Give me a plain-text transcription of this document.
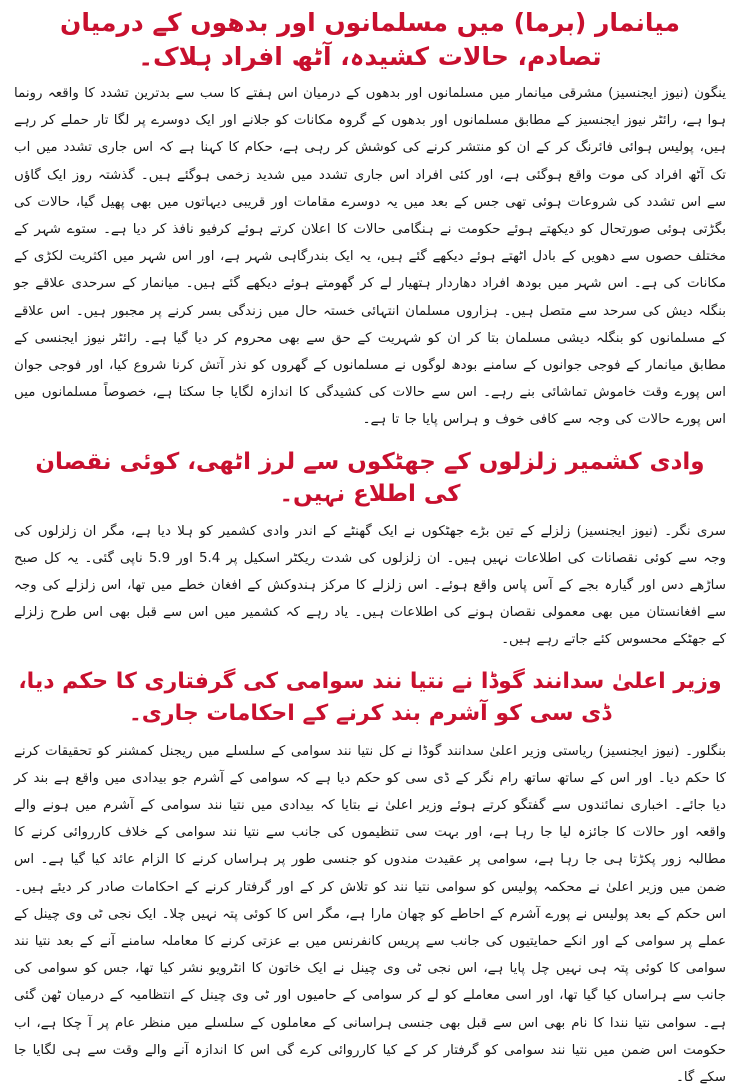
میانمار (برما) میں مسلمانوں اور بدھوں کے درمیان تصادم، حالات کشیدہ، آٹھ افراد ہلاک۔

ینگون (نیوز ایجنسیز) مشرقی میانمار میں مسلمانوں اور بدھوں کے درمیان اس ہفتے کا سب سے بدترین تشدد کا واقعہ رونما ہوا ہے، رائٹر نیوز ایجنسیز کے مطابق مسلمانوں اور بدھوں کے گروہ مکانات کو جلانے اور ایک دوسرے پر لگا تار حملے کر رہے ہیں، پولیس ہوائی فائرنگ کر کے ان کو منتشر کرنے کی کوشش کر رہی ہے، حکام کا کہنا ہے کہ اس جاری تشدد میں اب تک آٹھ افراد کی موت واقع ہوگئی ہے، اور کئی افراد اس جاری تشدد میں شدید زخمی ہوگئے ہیں۔ گذشتہ روز ایک گاؤں سے اس تشدد کی شروعات ہوئی تھی جس کے بعد میں یہ دوسرے مقامات اور قریبی دیہاتوں میں بھی پھیل گیا، حالات کی بگڑتی ہوئی صورتحال کو دیکھتے ہوئے حکومت نے ہنگامی حالات کا اعلان کرتے ہوئے کرفیو نافذ کر دیا ہے۔ ستوے شہر کے مختلف حصوں سے دھویں کے بادل اٹھتے ہوئے دیکھے گئے ہیں، یہ ایک بندرگاہی شہر ہے، اور اس شہر میں اکثریت لکڑی کے مکانات کی ہے۔ اس شہر میں بودھ افراد دھاردار ہتھیار لے کر گھومتے ہوئے دیکھے گئے ہیں۔ میانمار کے سرحدی علاقے جو بنگلہ دیش کی سرحد سے متصل ہیں۔ ہزاروں مسلمان انتہائی خستہ حال میں زندگی بسر کرنے پر مجبور ہیں۔ اس علاقے کے مسلمانوں کو بنگلہ دیشی مسلمان بتا کر ان کو شہریت کے حق سے بھی محروم کر دیا گیا ہے۔ رائٹر نیوز ایجنسی کے مطابق میانمار کے فوجی جوانوں کے سامنے بودھ لوگوں نے مسلمانوں کے گھروں کو نذر آتش کرنا شروع کیا، اور فوجی جوان اس پورے وقت خاموش تماشائی بنے رہے۔ اس سے حالات کی کشیدگی کا اندازہ لگایا جا سکتا ہے، خصوصاً مسلمانوں میں اس پورے حالات کی وجہ سے کافی خوف و ہراس پایا جا تا ہے۔

وادی کشمیر زلزلوں کے جھٹکوں سے لرز اٹھی، کوئی نقصان کی اطلاع نہیں۔

سری نگر۔ (نیوز ایجنسیز) زلزلے کے تین بڑے جھٹکوں نے ایک گھنٹے کے اندر وادی کشمیر کو ہلا دیا ہے، مگر ان زلزلوں کی وجہ سے کوئی نقصانات کی اطلاعات نہیں ہیں۔ ان زلزلوں کی شدت ریکٹر اسکیل پر 5.4 اور 5.9 ناپی گئی۔ یہ کل صبح ساڑھے دس اور گیارہ بجے کے آس پاس واقع ہوئے۔ اس زلزلے کا مرکز ہندوکش کے افغان خطے میں تھا، اس زلزلے کی وجہ سے افغانستان میں بھی معمولی نقصان ہونے کی اطلاعات ہیں۔ یاد رہے کہ کشمیر میں اس سے قبل بھی اس طرح زلزلے کے جھٹکے محسوس کئے جاتے رہے ہیں۔

وزیر اعلیٰ سدانند گوڈا نے نتیا نند سوامی کی گرفتاری کا حکم دیا، ڈی سی کو آشرم بند کرنے کے احکامات جاری۔

بنگلور۔ (نیوز ایجنسیز) ریاستی وزیر اعلیٰ سدانند گوڈا نے کل نتیا نند سوامی کے سلسلے میں ریجنل کمشنر کو تحقیقات کرنے کا حکم دیا۔ اور اس کے ساتھ ساتھ رام نگر کے ڈی سی کو حکم دیا ہے کہ سوامی کے آشرم جو بیدادی میں واقع ہے بند کر دیا جائے۔ اخباری نمائندوں سے گفتگو کرتے ہوئے وزیر اعلیٰ نے بتایا کہ بیدادی میں نتیا نند سوامی کے آشرم میں ہونے والے واقعہ اور حالات کا جائزہ لیا جا رہا ہے، اور بہت سی تنظیموں کی جانب سے نتیا نند سوامی کے خلاف کارروائی کرنے کا مطالبہ زور پکڑتا ہی جا رہا ہے، سوامی پر عقیدت مندوں کو جنسی طور پر ہراساں کرنے کا الزام عائد کیا گیا ہے۔ اس ضمن میں وزیر اعلیٰ نے محکمہ پولیس کو سوامی نتیا نند کو تلاش کر کے اور گرفتار کرنے کے احکامات صادر کر دیئے ہیں۔ اس حکم کے بعد پولیس نے پورے آشرم کے احاطے کو چھان مارا ہے، مگر اس کا کوئی پتہ نہیں چلا۔ ایک نجی ٹی وی چینل کے عملے پر سوامی کے اور انکے حمایتیوں کی جانب سے پریس کانفرنس میں بے عزتی کرنے کا معاملہ سامنے آنے کے بعد نتیا نند سوامی کا کوئی پتہ ہی نہیں چل پایا ہے، اس نجی ٹی وی چینل نے ایک خاتون کا انٹرویو نشر کیا تھا، جس کو سوامی کی جانب سے ہراساں کیا گیا تھا، اور اسی معاملے کو لے کر سوامی کے حامیوں اور ٹی وی چینل کے انتظامیہ کے درمیان ٹھن گئی ہے۔ سوامی نتیا نندا کا نام بھی اس سے قبل بھی جنسی ہراسانی کے معاملوں کے سلسلے میں منظر عام پر آ چکا ہے، اب حکومت اس ضمن میں نتیا نند سوامی کو گرفتار کر کے کیا کارروائی کرے گی اس کا اندازہ آنے والے وقت سے ہی لگایا جا سکے گا۔
